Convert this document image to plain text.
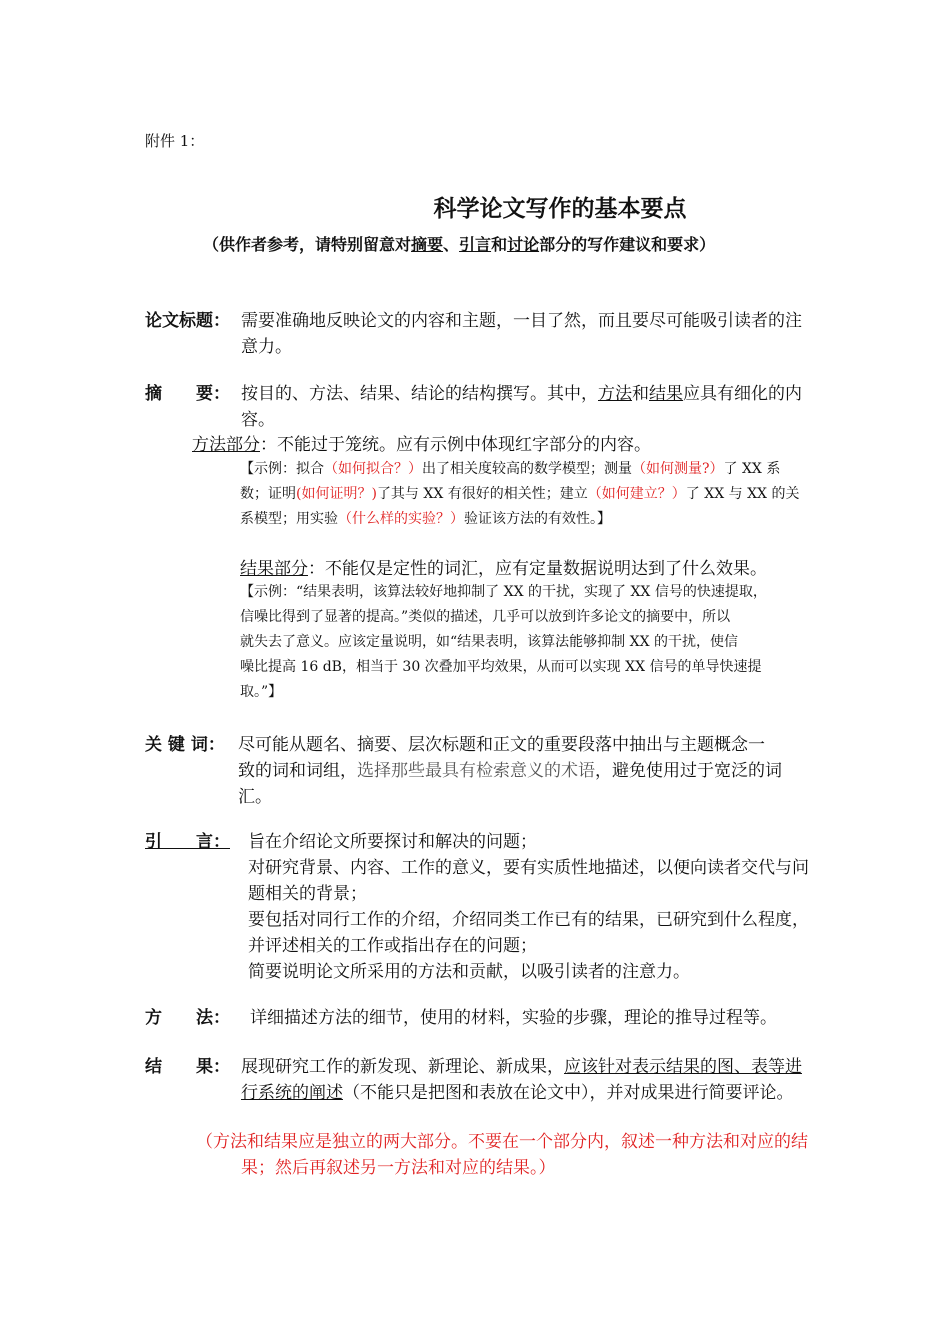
附件 1：
科学论文写作的基本要点
（供作者参考，请特别留意对摘要、引言和讨论部分的写作建议和要求）
论文标题： 需要准确地反映论文的内容和主题，一目了然，而且要尽可能吸引读者的注
意力。
摘　　要： 按目的、方法、结果、结论的结构撰写。其中，方法和结果应具有细化的内
容。
方法部分：不能过于笼统。应有示例中体现红字部分的内容。
【示例：拟合（如何拟合？）出了相关度较高的数学模型；测量（如何测量?）了 XX 系
数；证明(如何证明？)了其与 XX 有很好的相关性；建立（如何建立？）了 XX 与 XX 的关
系模型；用实验（什么样的实验？）验证该方法的有效性。】
结果部分：不能仅是定性的词汇，应有定量数据说明达到了什么效果。
【示例：“结果表明，该算法较好地抑制了 XX 的干扰，实现了 XX 信号的快速提取，
信噪比得到了显著的提高。”类似的描述，几乎可以放到许多论文的摘要中，所以
就失去了意义。应该定量说明，如“结果表明，该算法能够抑制 XX 的干扰，使信
噪比提高 16 dB，相当于 30 次叠加平均效果，从而可以实现 XX 信号的单导快速提
取。”】
关 键 词： 尽可能从题名、摘要、层次标题和正文的重要段落中抽出与主题概念一
致的词和词组，选择那些最具有检索意义的术语，避免使用过于宽泛的词
汇。
引　　言： 旨在介绍论文所要探讨和解决的问题；
对研究背景、内容、工作的意义，要有实质性地描述，以便向读者交代与问
题相关的背景；
要包括对同行工作的介绍，介绍同类工作已有的结果，已研究到什么程度，
并评述相关的工作或指出存在的问题；
简要说明论文所采用的方法和贡献，以吸引读者的注意力。
方　　法： 详细描述方法的细节，使用的材料，实验的步骤，理论的推导过程等。
结　　果： 展现研究工作的新发现、新理论、新成果，应该针对表示结果的图、表等进
行系统的阐述（不能只是把图和表放在论文中），并对成果进行简要评论。
（方法和结果应是独立的两大部分。不要在一个部分内，叙述一种方法和对应的结
果；然后再叙述另一方法和对应的结果。）
